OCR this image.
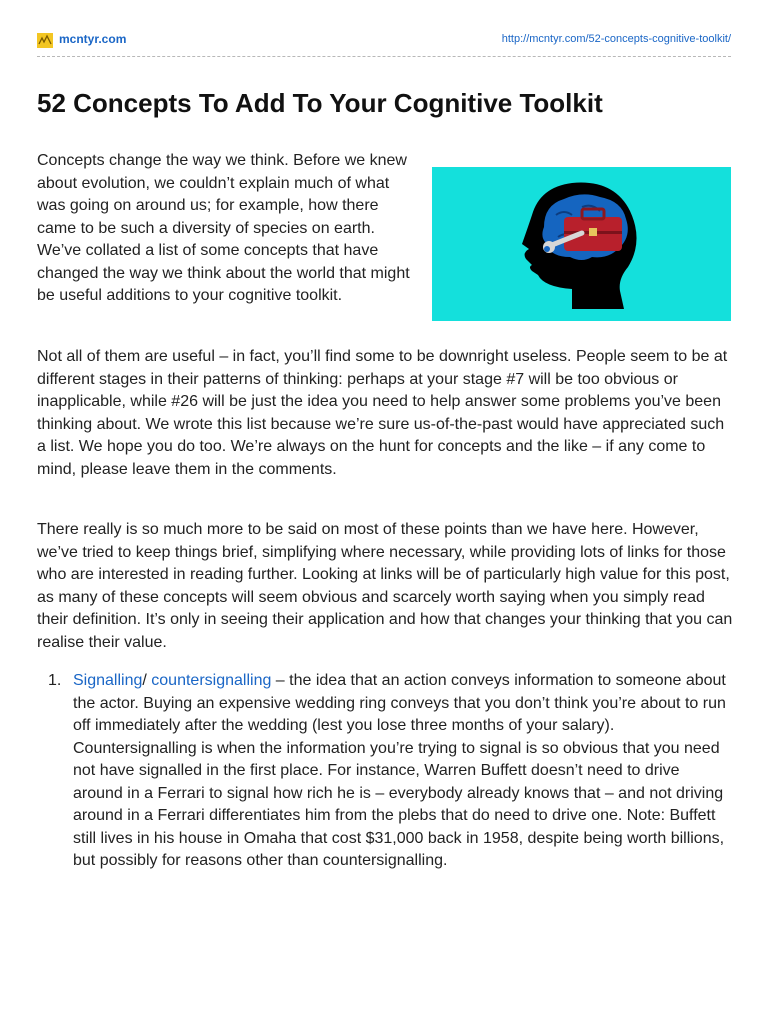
mcntyr.com	http://mcntyr.com/52-concepts-cognitive-toolkit/
52 Concepts To Add To Your Cognitive Toolkit

Concepts change the way we think. Before we knew about evolution, we couldn’t explain much of what was going on around us; for example, how there came to be such a diversity of species on earth. We’ve collated a list of some concepts that have changed the way we think about the world that might be useful additions to your cognitive toolkit.

Not all of them are useful – in fact, you’ll find some to be downright useless. People seem to be at different stages in their patterns of thinking: perhaps at your stage #7 will be too obvious or inapplicable, while #26 will be just the idea you need to help answer some problems you’ve been thinking about. We wrote this list because we’re sure us-of-the-past would have appreciated such a list. We hope you do too. We’re always on the hunt for concepts and the like – if any come to mind, please leave them in the comments.

There really is so much more to be said on most of these points than we have here. However, we’ve tried to keep things brief, simplifying where necessary, while providing lots of links for those who are interested in reading further. Looking at links will be of particularly high value for this post, as many of these concepts will seem obvious and scarcely worth saying when you simply read their definition. It’s only in seeing their application and how that changes your thinking that you can realise their value.

1. Signalling/ countersignalling – the idea that an action conveys information to someone about the actor. Buying an expensive wedding ring conveys that you don’t think you’re about to run off immediately after the wedding (lest you lose three months of your salary). Countersignalling is when the information you’re trying to signal is so obvious that you need not have signalled in the first place. For instance, Warren Buffett doesn’t need to drive around in a Ferrari to signal how rich he is – everybody already knows that – and not driving around in a Ferrari differentiates him from the plebs that do need to drive one. Note: Buffett still lives in his house in Omaha that cost $31,000 back in 1958, despite being worth billions, but possibly for reasons other than countersignalling.
